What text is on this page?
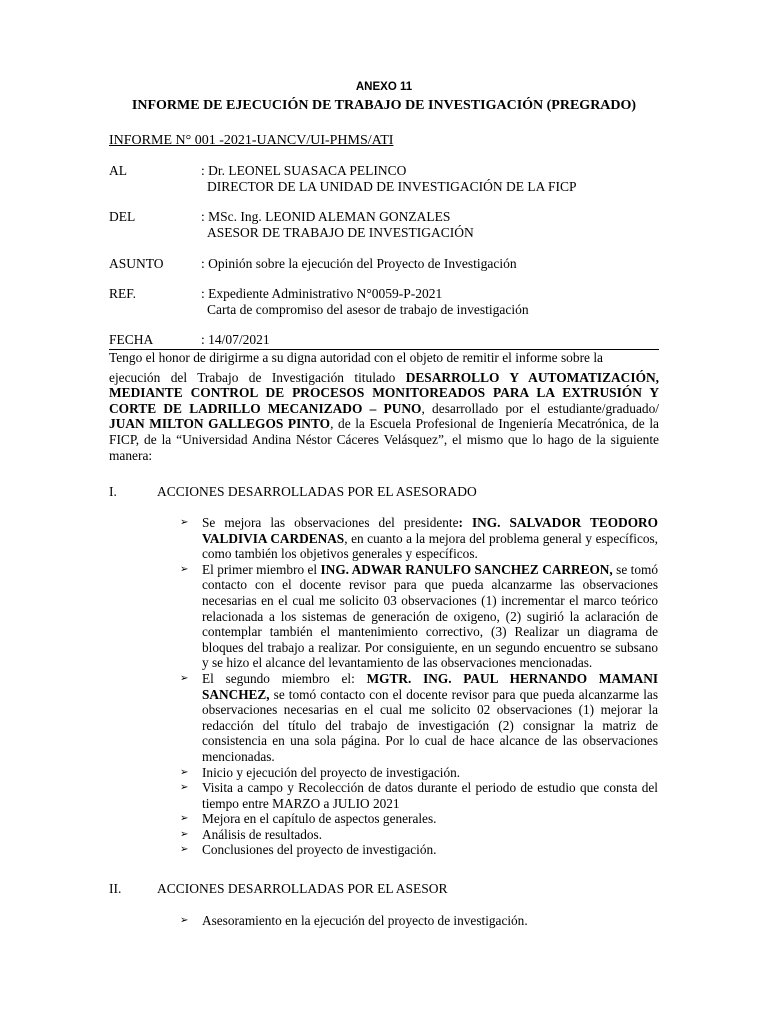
ANEXO 11
INFORME DE EJECUCIÓN DE TRABAJO DE INVESTIGACIÓN (PREGRADO)
INFORME N° 001 -2021-UANCV/UI-PHMS/ATI
AL	: Dr. LEONEL SUASACA PELINCO
DIRECTOR DE LA UNIDAD DE INVESTIGACIÓN DE LA FICP
DEL	: MSc. Ing. LEONID ALEMAN GONZALES
ASESOR DE TRABAJO DE INVESTIGACIÓN
ASUNTO	: Opinión sobre la ejecución del Proyecto de Investigación
REF.	: Expediente Administrativo N°0059-P-2021
Carta de compromiso del asesor de trabajo de investigación
FECHA	: 14/07/2021
Tengo el honor de dirigirme a su digna autoridad con el objeto de remitir el informe sobre la
ejecución del Trabajo de Investigación titulado DESARROLLO Y AUTOMATIZACIÓN, MEDIANTE CONTROL DE PROCESOS MONITOREADOS PARA LA EXTRUSIÓN Y CORTE DE LADRILLO MECANIZADO – PUNO, desarrollado por el estudiante/graduado/ JUAN MILTON GALLEGOS PINTO, de la Escuela Profesional de Ingeniería Mecatrónica, de la FICP, de la “Universidad Andina Néstor Cáceres Velásquez”, el mismo que lo hago de la siguiente manera:
I.	ACCIONES DESARROLLADAS POR EL ASESORADO
➢ Se mejora las observaciones del presidente: ING. SALVADOR TEODORO VALDIVIA CARDENAS, en cuanto a la mejora del problema general y específicos, como también los objetivos generales y específicos.
➢ El primer miembro el ING. ADWAR RANULFO SANCHEZ CARREON, se tomó contacto con el docente revisor para que pueda alcanzarme las observaciones necesarias en el cual me solicito 03 observaciones (1) incrementar el marco teórico relacionada a los sistemas de generación de oxigeno, (2) sugirió la aclaración de contemplar también el mantenimiento correctivo, (3) Realizar un diagrama de bloques del trabajo a realizar. Por consiguiente, en un segundo encuentro se subsano y se hizo el alcance del levantamiento de las observaciones mencionadas.
➢ El segundo miembro el: MGTR. ING. PAUL HERNANDO MAMANI SANCHEZ, se tomó contacto con el docente revisor para que pueda alcanzarme las observaciones necesarias en el cual me solicito 02 observaciones (1) mejorar la redacción del título del trabajo de investigación (2) consignar la matriz de consistencia en una sola página. Por lo cual de hace alcance de las observaciones mencionadas.
➢ Inicio y ejecución del proyecto de investigación.
➢ Visita a campo y Recolección de datos durante el periodo de estudio que consta del tiempo entre MARZO a JULIO 2021
➢ Mejora en el capítulo de aspectos generales.
➢ Análisis de resultados.
➢ Conclusiones del proyecto de investigación.
II.	ACCIONES DESARROLLADAS POR EL ASESOR
➢ Asesoramiento en la ejecución del proyecto de investigación.
